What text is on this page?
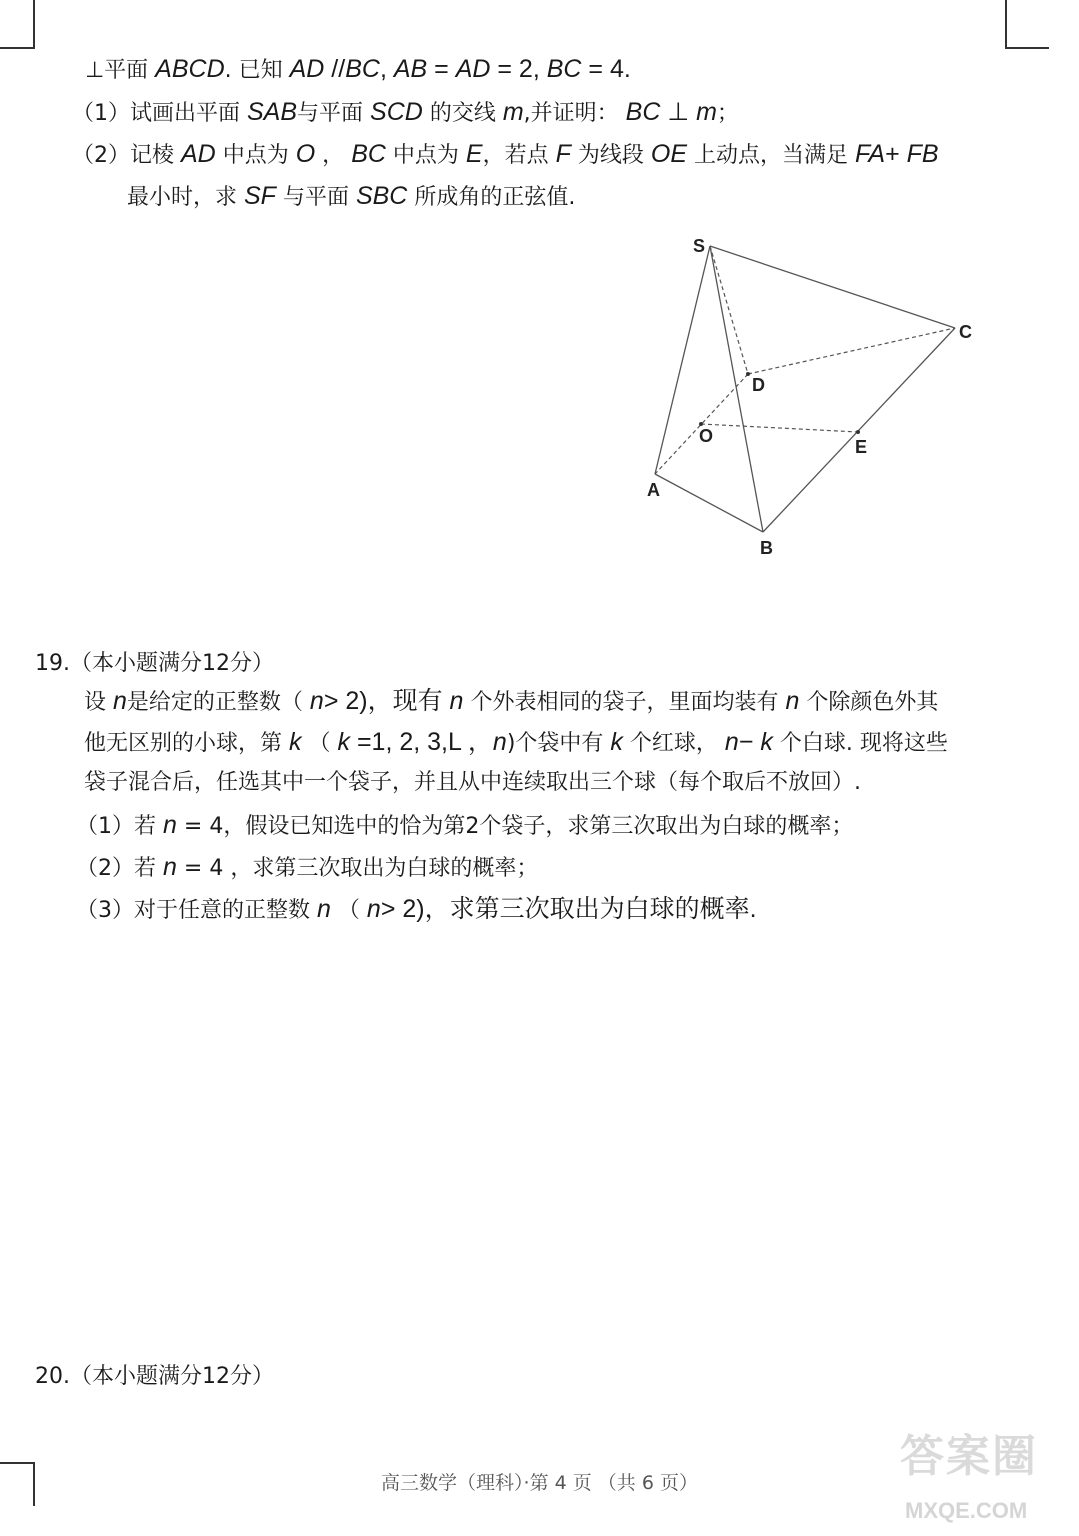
⊥平面 ABCD. 已知 AD //BC, AB = AD = 2, BC = 4.
（1）试画出平面 SAB与平面 SCD 的交线 m,并证明： BC ⊥ m；
（2）记棱 AD 中点为 O ， BC 中点为 E，若点 F 为线段 OE 上动点，当满足 FA+ FB
最小时，求 SF 与平面 SBC 所成角的正弦值.
S
C
D
O
E
A
B
19.（本小题满分12分）
设 n是给定的正整数（ n> 2)，现有 n 个外表相同的袋子，里面均装有 n 个除颜色外其
他无区别的小球，第 k （ k =1, 2, 3,L ，n)个袋中有 k 个红球， n− k 个白球. 现将这些
袋子混合后，任选其中一个袋子，并且从中连续取出三个球（每个取后不放回）.
（1）若 n = 4，假设已知选中的恰为第2个袋子，求第三次取出为白球的概率；
（2）若 n = 4 ，求第三次取出为白球的概率；
（3）对于任意的正整数 n （ n> 2)，求第三次取出为白球的概率.
20.（本小题满分12分）
高三数学（理科）·第 4 页 （共 6 页）
答案圈
MXQE.COM
